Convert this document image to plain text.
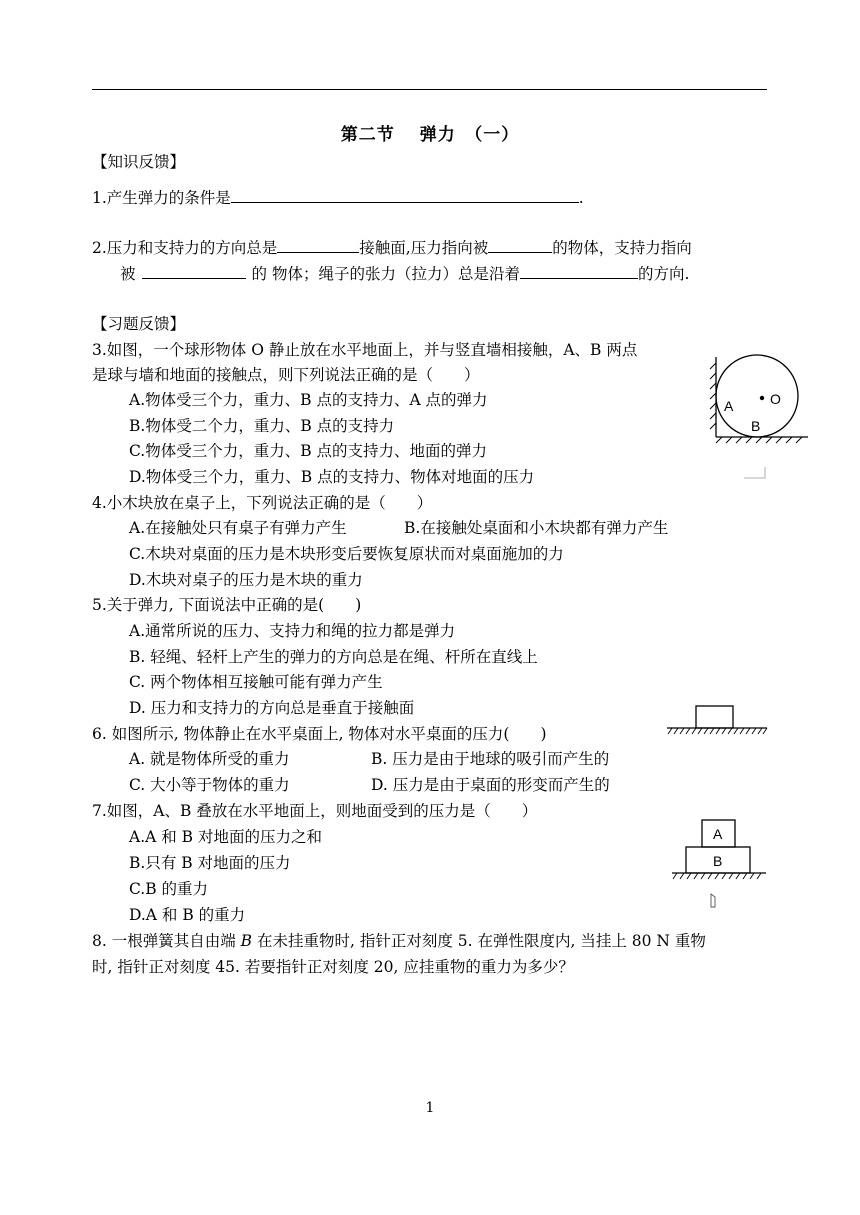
第二节　 弹力　（一）
【知识反馈】
1.产生弹力的条件是	.
2.压力和支持力的方向总是	接触面,压力指向被	的物体，支持力指向
被	的 物体；绳子的张力（拉力）总是沿着	的方向.
【习题反馈】
3.如图，一个球形物体 O 静止放在水平地面上，并与竖直墙相接触，A、B 两点
是球与墙和地面的接触点，则下列说法正确的是（　　）
A.物体受三个力，重力、B 点的支持力、A 点的弹力
B.物体受二个力，重力、B 点的支持力
C.物体受三个力，重力、B 点的支持力、地面的弹力
D.物体受三个力，重力、B 点的支持力、物体对地面的压力
A	O
B
4.小木块放在桌子上，下列说法正确的是（　　）
A.在接触处只有桌子有弹力产生	B.在接触处桌面和小木块都有弹力产生
C.木块对桌面的压力是木块形变后要恢复原状而对桌面施加的力
D.木块对桌子的压力是木块的重力
5.关于弹力, 下面说法中正确的是(　　)
A.通常所说的压力、支持力和绳的拉力都是弹力
B. 轻绳、轻杆上产生的弹力的方向总是在绳、杆所在直线上
C. 两个物体相互接触可能有弹力产生
D. 压力和支持力的方向总是垂直于接触面
6. 如图所示, 物体静止在水平桌面上, 物体对水平桌面的压力(　　)
A. 就是物体所受的重力	B. 压力是由于地球的吸引而产生的
C. 大小等于物体的重力	D. 压力是由于桌面的形变而产生的
7.如图，A、B 叠放在水平地面上，则地面受到的压力是（　　）
A.A 和 B 对地面的压力之和
B.只有 B 对地面的压力
C.B 的重力
D.A 和 B 的重力
A
B
8. 一根弹簧其自由端 B 在未挂重物时, 指针正对刻度 5. 在弹性限度内, 当挂上 80 N 重物
时, 指针正对刻度 45. 若要指针正对刻度 20, 应挂重物的重力为多少？
1
